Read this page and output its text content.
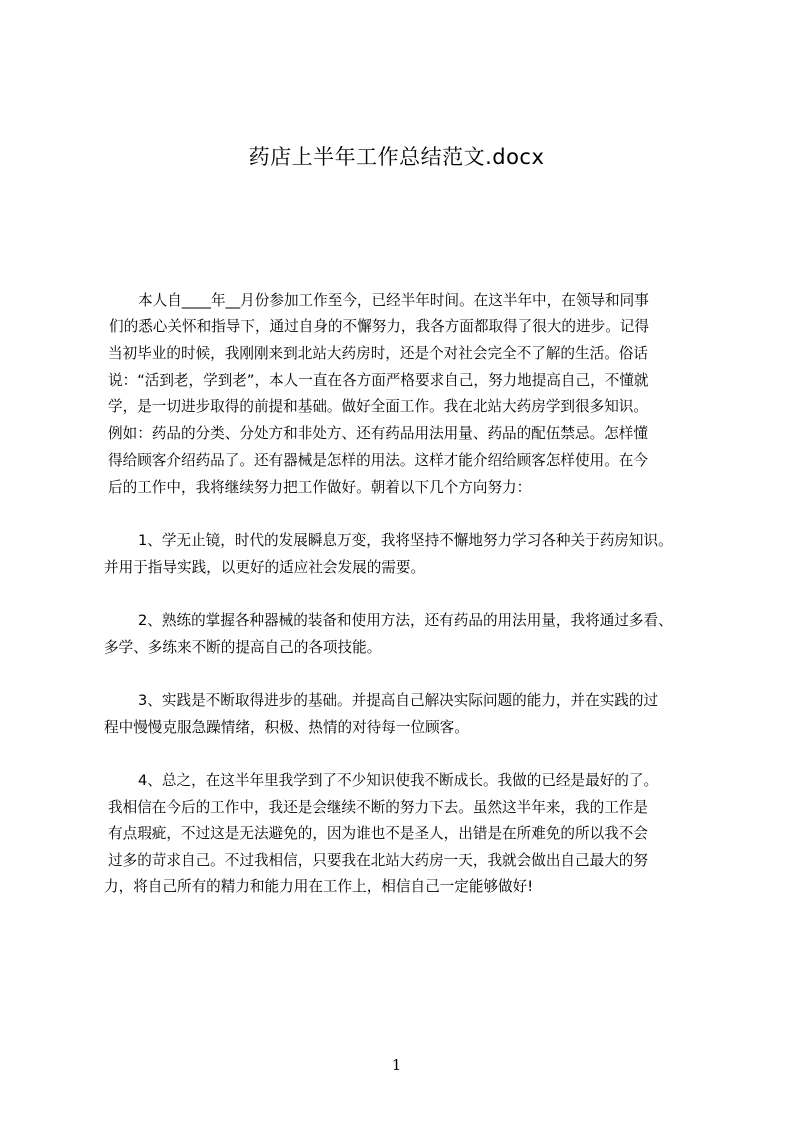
药店上半年工作总结范文.docx
本人自____年__月份参加工作至今，已经半年时间。在这半年中，在领导和同事
们的悉心关怀和指导下，通过自身的不懈努力，我各方面都取得了很大的进步。记得
当初毕业的时候，我刚刚来到北站大药房时，还是个对社会完全不了解的生活。俗话
说：“活到老，学到老”，本人一直在各方面严格要求自己，努力地提高自己，不懂就
学，是一切进步取得的前提和基础。做好全面工作。我在北站大药房学到很多知识。
例如：药品的分类、分处方和非处方、还有药品用法用量、药品的配伍禁忌。怎样懂
得给顾客介绍药品了。还有器械是怎样的用法。这样才能介绍给顾客怎样使用。在今
后的工作中，我将继续努力把工作做好。朝着以下几个方向努力：
1、学无止镜，时代的发展瞬息万变，我将坚持不懈地努力学习各种关于药房知识。
并用于指导实践，以更好的适应社会发展的需要。
2、熟练的掌握各种器械的装备和使用方法，还有药品的用法用量，我将通过多看、
多学、多练来不断的提高自己的各项技能。
3、实践是不断取得进步的基础。并提高自己解决实际问题的能力，并在实践的过
程中慢慢克服急躁情绪，积极、热情的对待每一位顾客。
4、总之，在这半年里我学到了不少知识使我不断成长。我做的已经是最好的了。
我相信在今后的工作中，我还是会继续不断的努力下去。虽然这半年来，我的工作是
有点瑕疵，不过这是无法避免的，因为谁也不是圣人，出错是在所难免的所以我不会
过多的苛求自己。不过我相信，只要我在北站大药房一天，我就会做出自己最大的努
力，将自己所有的精力和能力用在工作上，相信自己一定能够做好!
1
